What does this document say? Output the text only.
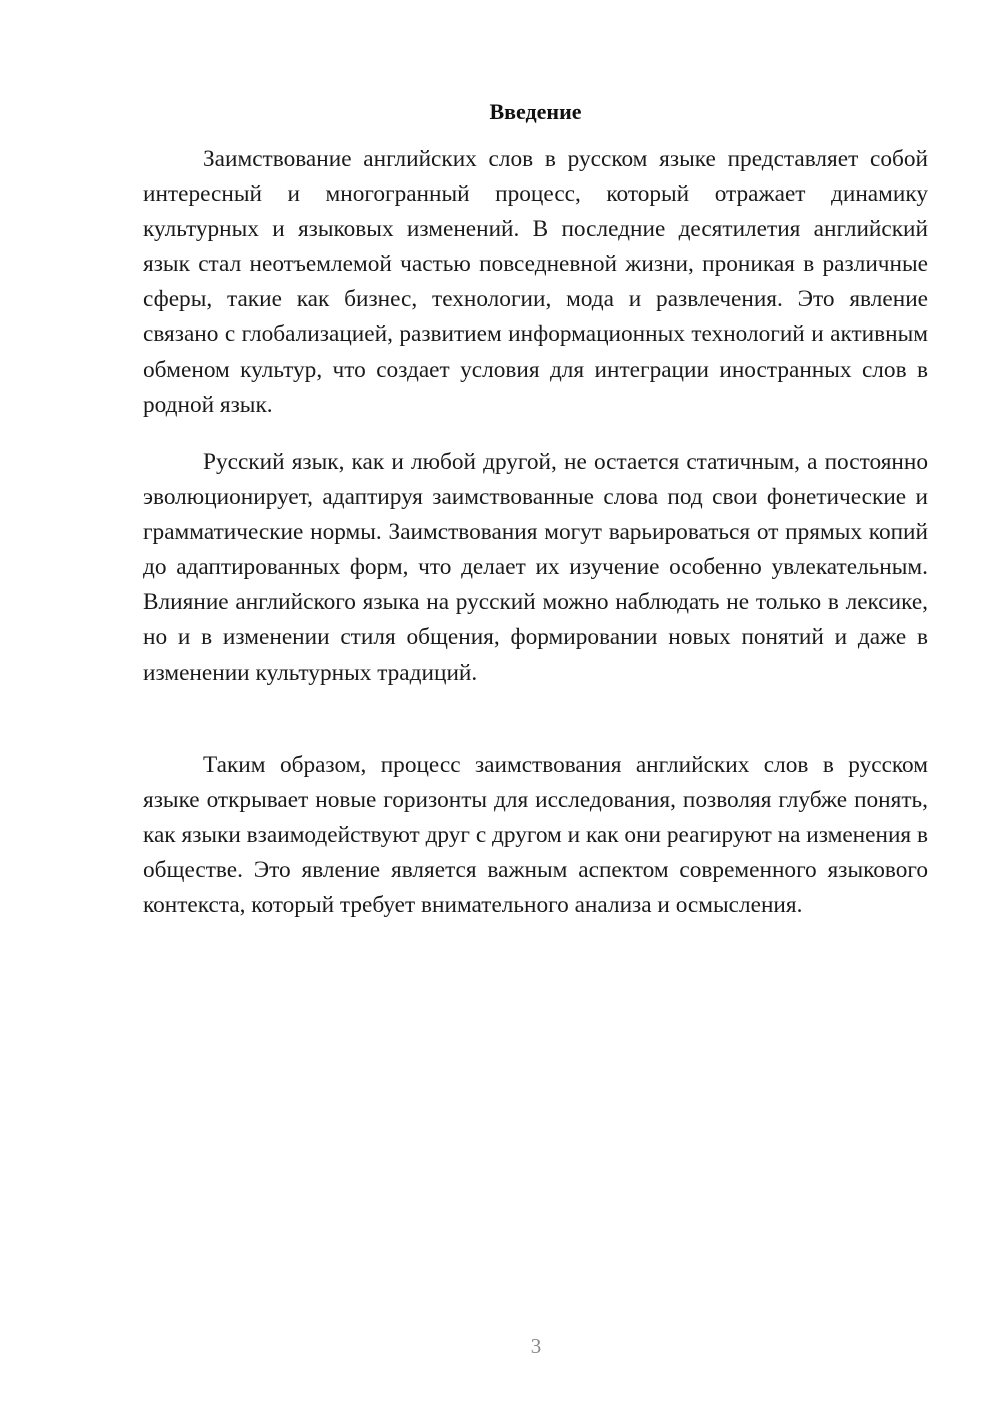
Введение

Заимствование английских слов в русском языке представляет собой интересный и многогранный процесс, который отражает динамику культурных и языковых изменений. В последние десятилетия английский язык стал неотъемлемой частью повседневной жизни, проникая в различные сферы, такие как бизнес, технологии, мода и развлечения. Это явление связано с глобализацией, развитием информационных технологий и активным обменом культур, что создает условия для интеграции иностранных слов в родной язык.

Русский язык, как и любой другой, не остается статичным, а постоянно эволюционирует, адаптируя заимствованные слова под свои фонетические и грамматические нормы. Заимствования могут варьироваться от прямых копий до адаптированных форм, что делает их изучение особенно увлекательным. Влияние английского языка на русский можно наблюдать не только в лексике, но и в изменении стиля общения, формировании новых понятий и даже в изменении культурных традиций.

Таким образом, процесс заимствования английских слов в русском языке открывает новые горизонты для исследования, позволяя глубже понять, как языки взаимодействуют друг с другом и как они реагируют на изменения в обществе. Это явление является важным аспектом современного языкового контекста, который требует внимательного анализа и осмысления.

3
